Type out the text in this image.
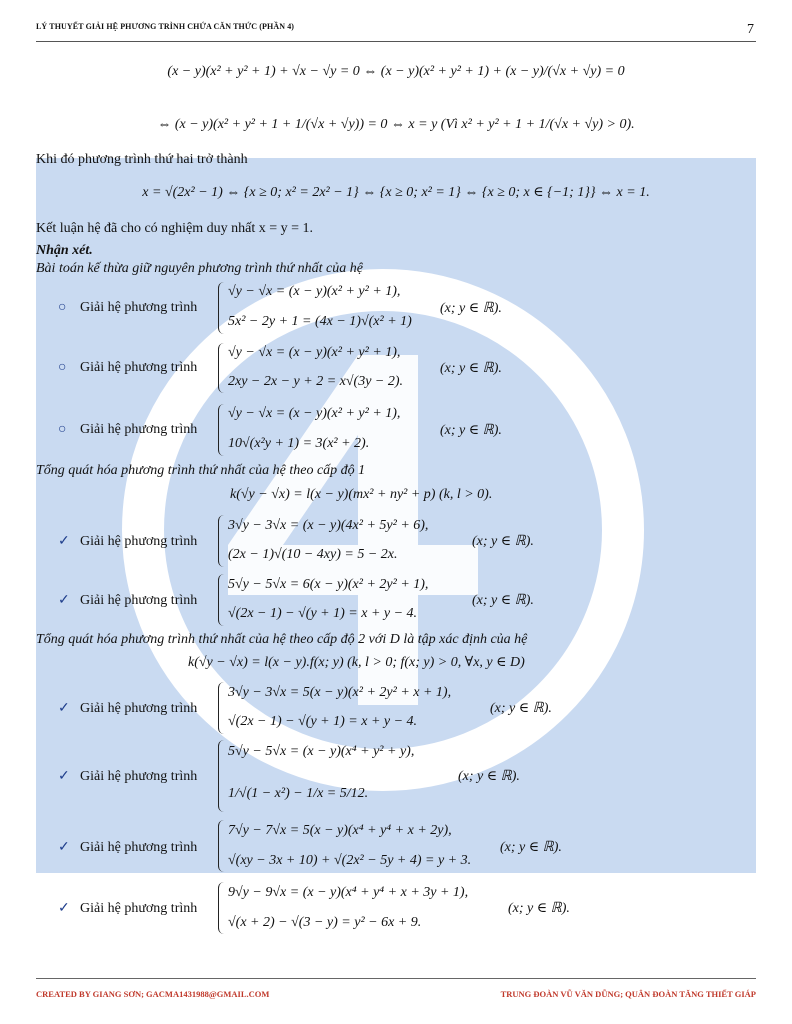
LÝ THUYẾT GIẢI HỆ PHƯƠNG TRÌNH CHỨA CĂN THỨC (PHẦN 4)	7
(x − y)(x² + y² + 1) + √x − √y = 0 ⇔ (x − y)(x² + y² + 1) + (x − y)/(√x + √y) = 0
⇔ (x − y)(x² + y² + 1 + 1/(√x + √y)) = 0 ⇔ x = y (Vì x² + y² + 1 + 1/(√x + √y) > 0).
Khi đó phương trình thứ hai trở thành
x = √(2x² − 1) ⇔ {x ≥ 0; x² = 2x² − 1} ⇔ {x ≥ 0; x² = 1} ⇔ {x ≥ 0; x ∈ {−1; 1}} ⇔ x = 1.
Kết luận hệ đã cho có nghiệm duy nhất x = y = 1.
Nhận xét.
Bài toán kế thừa giữ nguyên phương trình thứ nhất của hệ
○ Giải hệ phương trình
√y − √x = (x − y)(x² + y² + 1),
5x² − 2y + 1 = (4x − 1)√(x² + 1)
(x; y ∈ ℝ).
○ Giải hệ phương trình
√y − √x = (x − y)(x² + y² + 1),
2xy − 2x − y + 2 = x√(3y − 2).
(x; y ∈ ℝ).
○ Giải hệ phương trình
√y − √x = (x − y)(x² + y² + 1),
10√(x²y + 1) = 3(x² + 2).
(x; y ∈ ℝ).
Tổng quát hóa phương trình thứ nhất của hệ theo cấp độ 1
k(√y − √x) = l(x − y)(mx² + ny² + p) (k, l > 0).
✓ Giải hệ phương trình
3√y − 3√x = (x − y)(4x² + 5y² + 6),
(2x − 1)√(10 − 4xy) = 5 − 2x.
(x; y ∈ ℝ).
✓ Giải hệ phương trình
5√y − 5√x = 6(x − y)(x² + 2y² + 1),
√(2x − 1) − √(y + 1) = x + y − 4.
(x; y ∈ ℝ).
Tổng quát hóa phương trình thứ nhất của hệ theo cấp độ 2 với D là tập xác định của hệ
k(√y − √x) = l(x − y).f(x; y) (k, l > 0; f(x; y) > 0, ∀x, y ∈ D)
✓ Giải hệ phương trình
3√y − 3√x = 5(x − y)(x² + 2y² + x + 1),
√(2x − 1) − √(y + 1) = x + y − 4.
(x; y ∈ ℝ).
✓ Giải hệ phương trình
5√y − 5√x = (x − y)(x⁴ + y² + y),
1/√(1 − x²) − 1/x = 5/12.
(x; y ∈ ℝ).
✓ Giải hệ phương trình
7√y − 7√x = 5(x − y)(x⁴ + y⁴ + x + 2y),
√(xy − 3x + 10) + √(2x² − 5y + 4) = y + 3.
(x; y ∈ ℝ).
✓ Giải hệ phương trình
9√y − 9√x = (x − y)(x⁴ + y⁴ + x + 3y + 1),
√(x + 2) − √(3 − y) = y² − 6x + 9.
(x; y ∈ ℝ).
CREATED BY GIANG SƠN; GACMA1431988@GMAIL.COM	TRUNG ĐOÀN VŨ VĂN DŨNG; QUÂN ĐOÀN TĂNG THIẾT GIÁP
